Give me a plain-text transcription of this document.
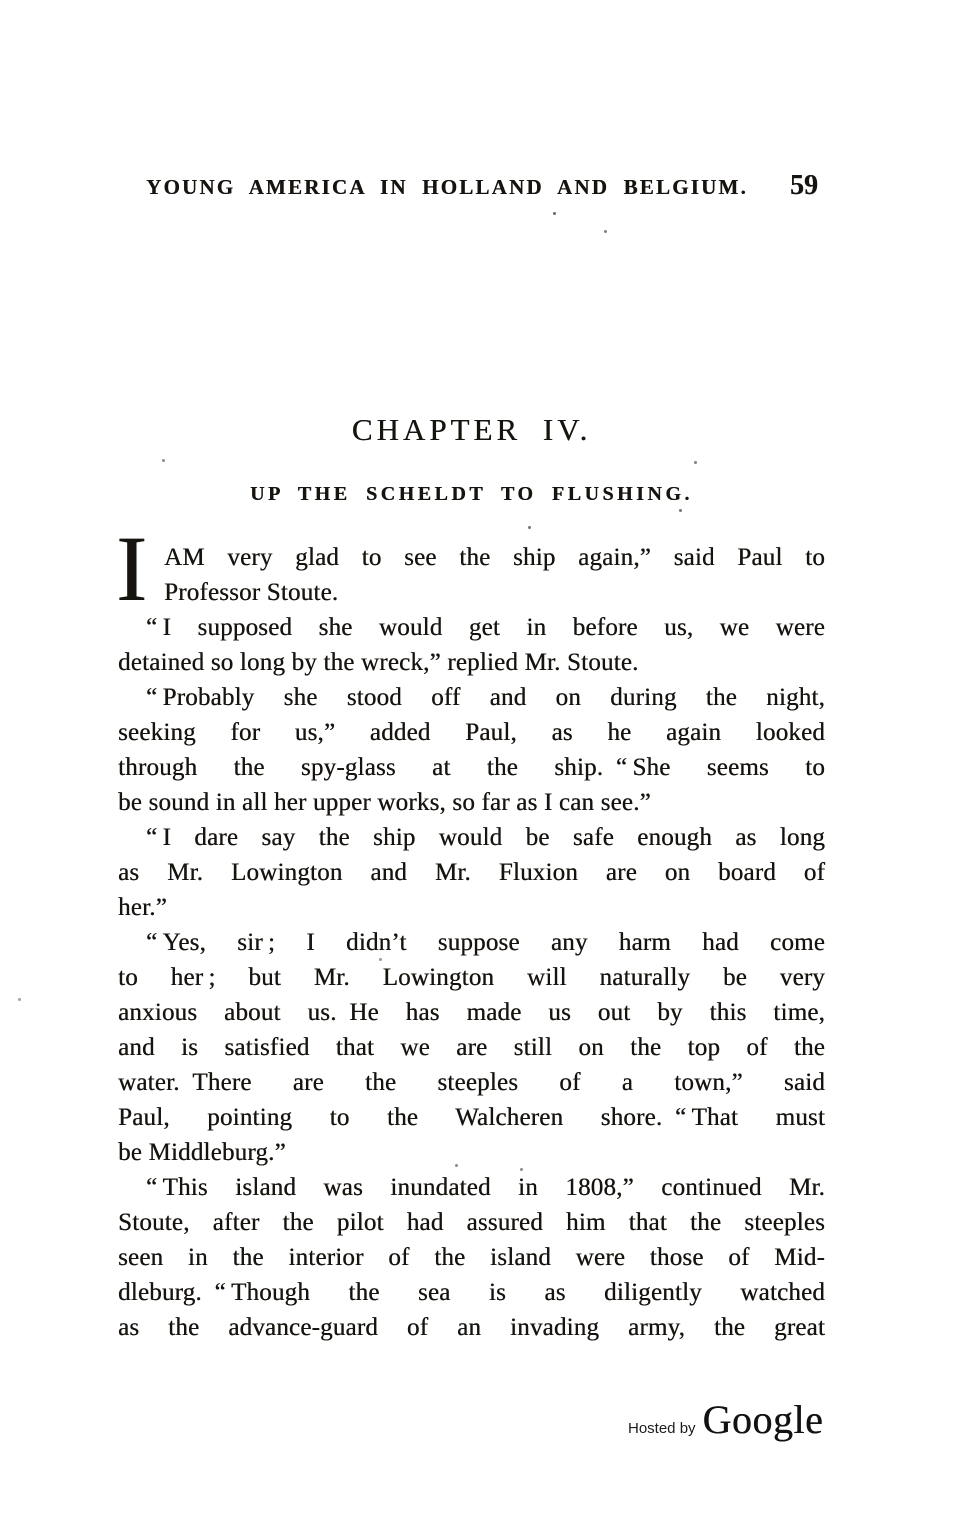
YOUNG AMERICA IN HOLLAND AND BELGIUM.	59
CHAPTER IV.
UP THE SCHELDT TO FLUSHING.
I AM very glad to see the ship again,” said Paul to
Professor Stoute.
“ I supposed she would get in before us, we were
detained so long by the wreck,” replied Mr. Stoute.
“ Probably she stood off and on during the night,
seeking for us,” added Paul, as he again looked
through the spy-glass at the ship. “ She seems to
be sound in all her upper works, so far as I can see.”
“ I dare say the ship would be safe enough as long
as Mr. Lowington and Mr. Fluxion are on board of
her.”
“ Yes, sir ; I didn’t suppose any harm had come
to her ; but Mr. Lowington will naturally be very
anxious about us. He has made us out by this time,
and is satisfied that we are still on the top of the
water. There are the steeples of a town,” said
Paul, pointing to the Walcheren shore. “ That must
be Middleburg.”
“ This island was inundated in 1808,” continued Mr.
Stoute, after the pilot had assured him that the steeples
seen in the interior of the island were those of Mid-
dleburg. “ Though the sea is as diligently watched
as the advance-guard of an invading army, the great
Hosted by Google
